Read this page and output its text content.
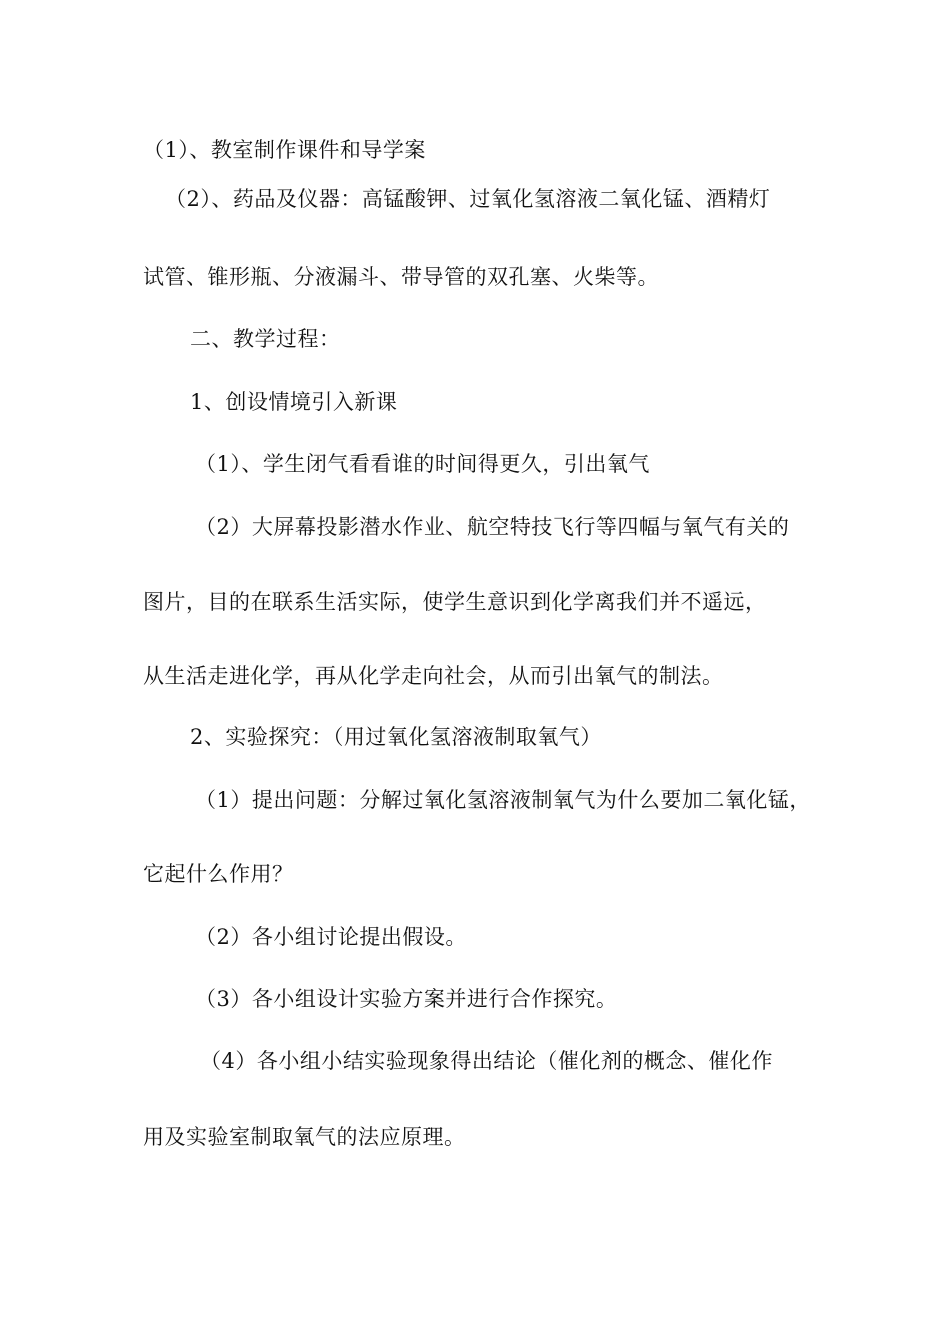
（1）、教室制作课件和导学案
（2）、药品及仪器：高锰酸钾、过氧化氢溶液二氧化锰、酒精灯
试管、锥形瓶、分液漏斗、带导管的双孔塞、火柴等。
二、教学过程：
1、创设情境引入新课
（1）、学生闭气看看谁的时间得更久，引出氧气
（2）大屏幕投影潜水作业、航空特技飞行等四幅与氧气有关的
图片，目的在联系生活实际，使学生意识到化学离我们并不遥远，
从生活走进化学，再从化学走向社会，从而引出氧气的制法。
2、实验探究：（用过氧化氢溶液制取氧气）
（1）提出问题：分解过氧化氢溶液制氧气为什么要加二氧化锰，
它起什么作用？
（2）各小组讨论提出假设。
（3）各小组设计实验方案并进行合作探究。
（4）各小组小结实验现象得出结论（催化剂的概念、催化作
用及实验室制取氧气的法应原理。
